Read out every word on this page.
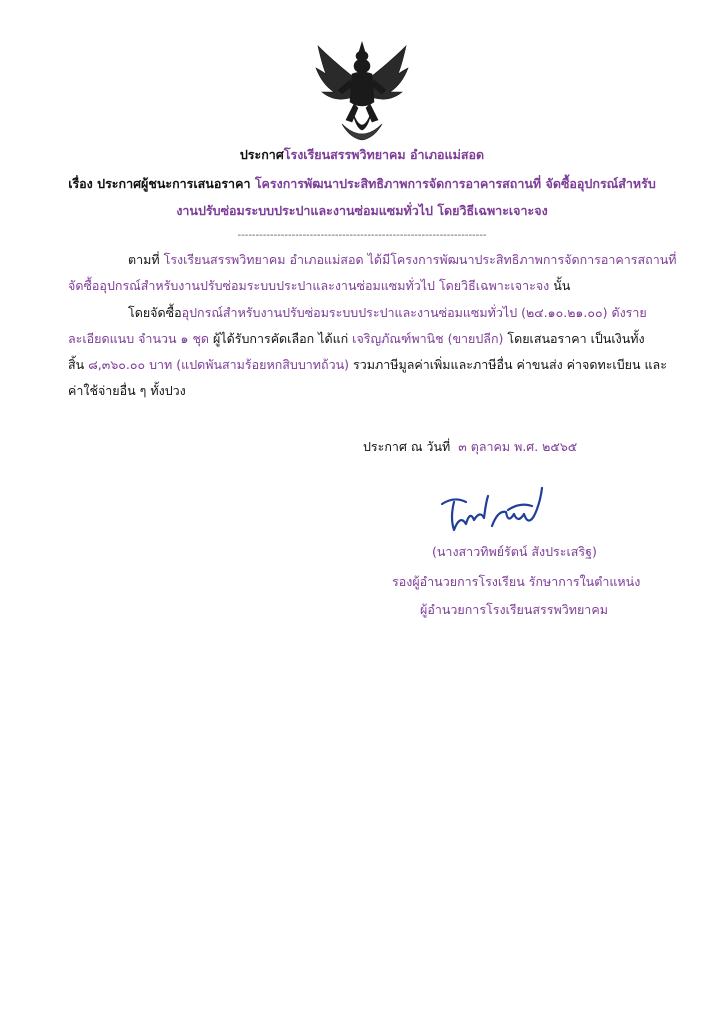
ประกาศโรงเรียนสรรพวิทยาคม อำเภอแม่สอด
เรื่อง ประกาศผู้ชนะการเสนอราคา โครงการพัฒนาประสิทธิภาพการจัดการอาคารสถานที่ จัดซื้ออุปกรณ์สำหรับ
งานปรับซ่อมระบบประปาและงานซ่อมแซมทั่วไป โดยวิธีเฉพาะเจาะจง
---------------------------------------------------------------------
ตามที่ โรงเรียนสรรพวิทยาคม อำเภอแม่สอด ได้มีโครงการพัฒนาประสิทธิภาพการจัดการอาคารสถานที่
จัดซื้ออุปกรณ์สำหรับงานปรับซ่อมระบบประปาและงานซ่อมแซมทั่วไป โดยวิธีเฉพาะเจาะจง นั้น
โดยจัดซื้ออุปกรณ์สำหรับงานปรับซ่อมระบบประปาและงานซ่อมแซมทั่วไป (๒๔.๑๐.๒๑.๐๐) ดังราย
ละเอียดแนบ จำนวน ๑ ชุด ผู้ได้รับการคัดเลือก ได้แก่ เจริญภัณฑ์พานิช (ขายปลีก) โดยเสนอราคา เป็นเงินทั้ง
สิ้น ๘,๓๖๐.๐๐ บาท (แปดพันสามร้อยหกสิบบาทถ้วน) รวมภาษีมูลค่าเพิ่มและภาษีอื่น ค่าขนส่ง ค่าจดทะเบียน และ
ค่าใช้จ่ายอื่น ๆ ทั้งปวง
ประกาศ ณ วันที่ ๓ ตุลาคม พ.ศ. ๒๕๖๕
(นางสาวทิพย์รัตน์ สังประเสริฐ)
รองผู้อำนวยการโรงเรียน รักษาการในตำแหน่ง
ผู้อำนวยการโรงเรียนสรรพวิทยาคม
